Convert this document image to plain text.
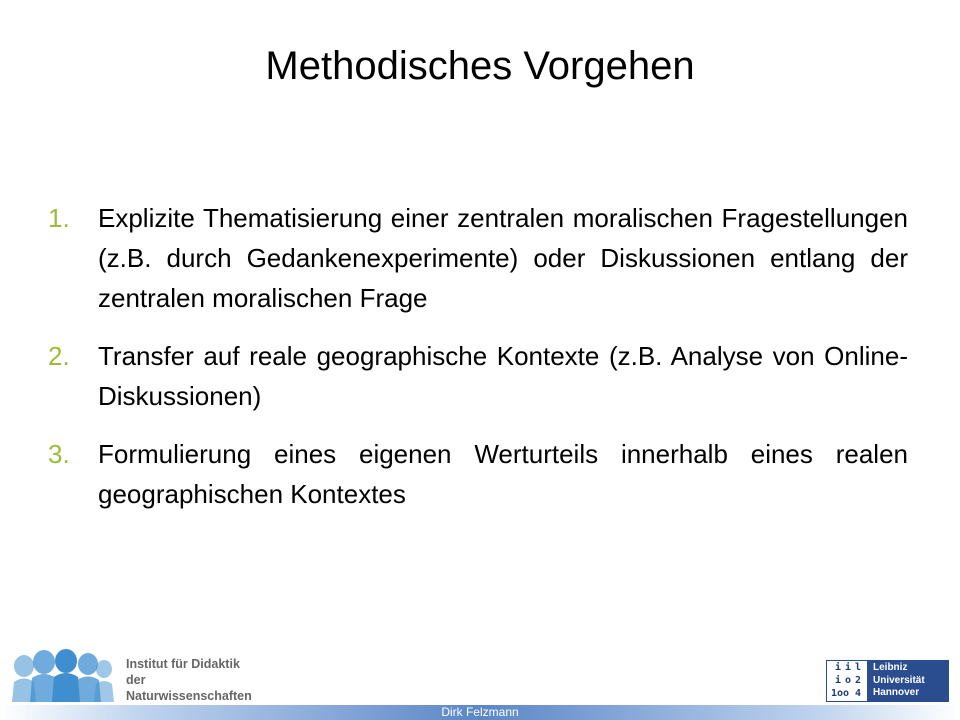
Methodisches Vorgehen
1.	Explizite Thematisierung einer zentralen moralischen Fragestellungen (z.B. durch Gedankenexperimente) oder Diskussionen entlang der zentralen moralischen Frage
2.	Transfer auf reale geographische Kontexte (z.B. Analyse von Online-Diskussionen)
3.	Formulierung eines eigenen Werturteils innerhalb eines realen geographischen Kontextes
Institut für Didaktik
der Naturwissenschaften
i i l
i o 2
1o o 4
Leibniz
Universität
Hannover
Dirk Felzmann
